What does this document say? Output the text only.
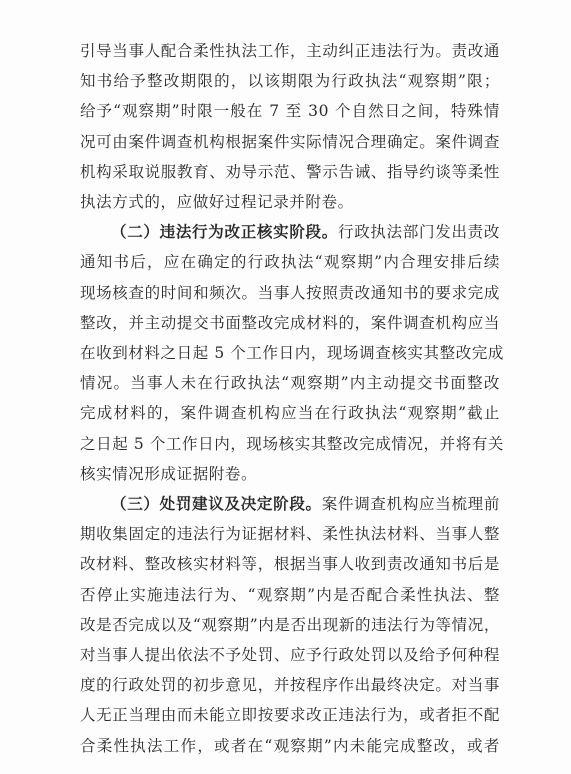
引导当事人配合柔性执法工作，主动纠正违法行为。责改通
知书给予整改期限的，以该期限为行政执法“观察期”限；
给予“观察期”时限一般在 7 至 30 个自然日之间，特殊情
况可由案件调查机构根据案件实际情况合理确定。案件调查
机构采取说服教育、劝导示范、警示告诫、指导约谈等柔性
执法方式的，应做好过程记录并附卷。

（二）违法行为改正核实阶段。行政执法部门发出责改
通知书后，应在确定的行政执法“观察期”内合理安排后续
现场核查的时间和频次。当事人按照责改通知书的要求完成
整改，并主动提交书面整改完成材料的，案件调查机构应当
在收到材料之日起 5 个工作日内，现场调查核实其整改完成
情况。当事人未在行政执法“观察期”内主动提交书面整改
完成材料的，案件调查机构应当在行政执法“观察期”截止
之日起 5 个工作日内，现场核实其整改完成情况，并将有关
核实情况形成证据附卷。

（三）处罚建议及决定阶段。案件调查机构应当梳理前
期收集固定的违法行为证据材料、柔性执法材料、当事人整
改材料、整改核实材料等，根据当事人收到责改通知书后是
否停止实施违法行为、“观察期”内是否配合柔性执法、整
改是否完成以及“观察期”内是否出现新的违法行为等情况，
对当事人提出依法不予处罚、应予行政处罚以及给予何种程
度的行政处罚的初步意见，并按程序作出最终决定。对当事
人无正当理由而未能立即按要求改正违法行为，或者拒不配
合柔性执法工作，或者在“观察期”内未能完成整改，或者
